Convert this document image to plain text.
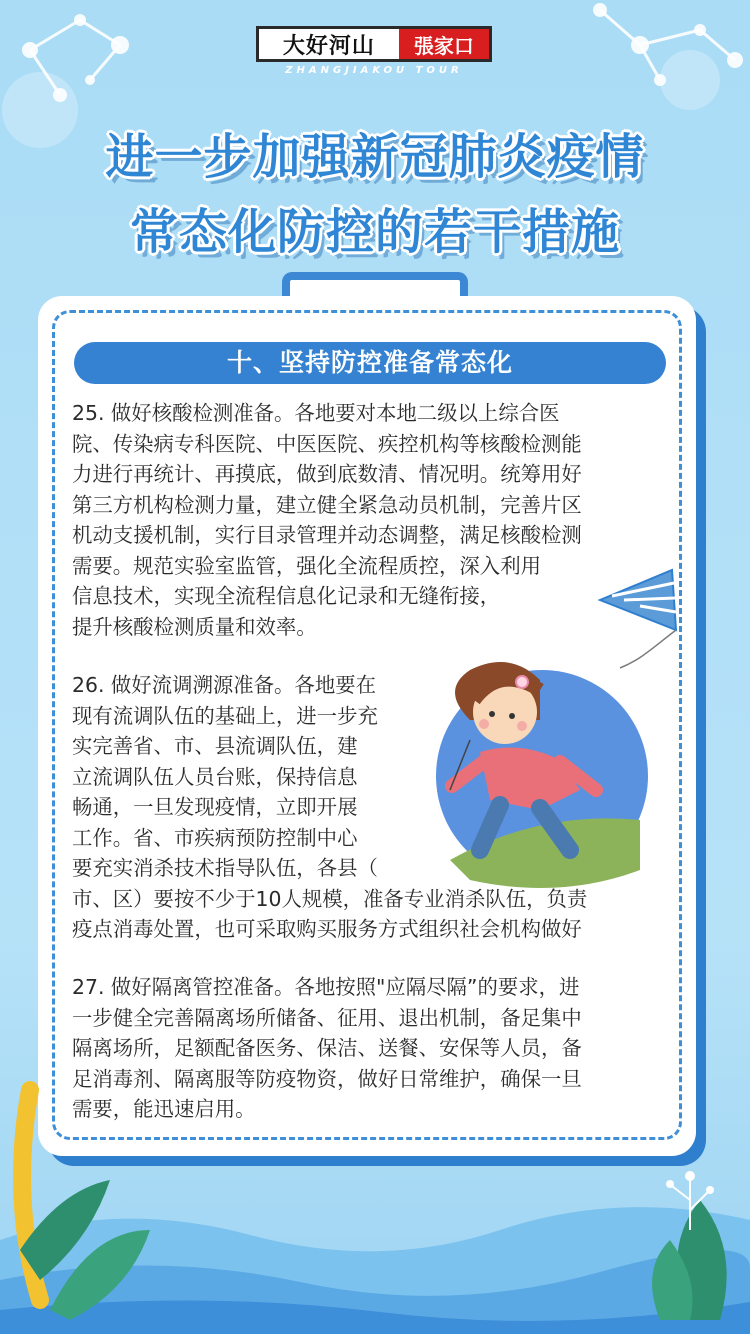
大好河山	張家口
ZHANGJIAKOU TOUR
进一步加强新冠肺炎疫情
常态化防控的若干措施
十、坚持防控准备常态化
25. 做好核酸检测准备。各地要对本地二级以上综合医
院、传染病专科医院、中医医院、疾控机构等核酸检测能
力进行再统计、再摸底，做到底数清、情况明。统筹用好
第三方机构检测力量，建立健全紧急动员机制，完善片区
机动支援机制，实行目录管理并动态调整，满足核酸检测
需要。规范实验室监管，强化全流程质控，深入利用
信息技术，实现全流程信息化记录和无缝衔接，
提升核酸检测质量和效率。
26. 做好流调溯源准备。各地要在
现有流调队伍的基础上，进一步充
实完善省、市、县流调队伍，建
立流调队伍人员台账，保持信息
畅通，一旦发现疫情，立即开展
工作。省、市疾病预防控制中心
要充实消杀技术指导队伍，各县（
市、区）要按不少于10人规模，准备专业消杀队伍，负责
疫点消毒处置，也可采取购买服务方式组织社会机构做好
27. 做好隔离管控准备。各地按照"应隔尽隔”的要求，进
一步健全完善隔离场所储备、征用、退出机制，备足集中
隔离场所，足额配备医务、保洁、送餐、安保等人员，备
足消毒剂、隔离服等防疫物资，做好日常维护，确保一旦
需要，能迅速启用。
